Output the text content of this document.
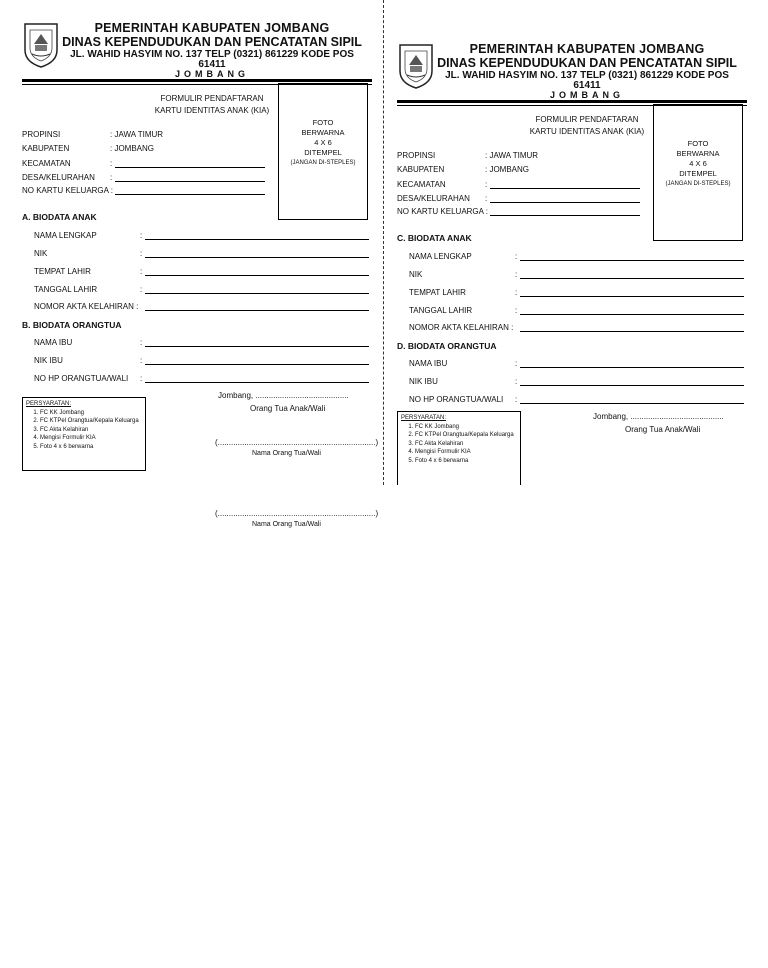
PEMERINTAH KABUPATEN JOMBANG
DINAS KEPENDUDUKAN DAN PENCATATAN SIPIL
JL. WAHID HASYIM NO. 137 TELP (0321) 861229 KODE POS
61411
JOMBANG
FORMULIR PENDAFTARAN
KARTU IDENTITAS ANAK (KIA)
FOTO
BERWARNA
4 X 6
DITEMPEL
(JANGAN DI-STEPLES)
PROPINSI	: JAWA TIMUR
KABUPATEN	: JOMBANG
KECAMATAN	:
DESA/KELURAHAN :
NO KARTU KELUARGA :
A. BIODATA ANAK
NAMA LENGKAP	:
NIK	:
TEMPAT LAHIR	:
TANGGAL LAHIR	:
NOMOR AKTA KELAHIRAN :
B. BIODATA ORANGTUA
NAMA IBU	:
NIK IBU	:
NO HP ORANGTUA/WALI :
PERSYARATAN:
1. FC KK Jombang
2. FC KTPel Orangtua/Kepala Keluarga
3. FC Akta Kelahiran
4. Mengisi Formulir KIA
5. Foto 4 x 6 berwarna
Jombang, ..........................................
Orang Tua Anak/Wali
(.......................................................................)
Nama Orang Tua/Wali
(.......................................................................)
Nama Orang Tua/Wali
PEMERINTAH KABUPATEN JOMBANG
DINAS KEPENDUDUKAN DAN PENCATATAN SIPIL
JL. WAHID HASYIM NO. 137 TELP (0321) 861229 KODE POS
61411
JOMBANG
FORMULIR PENDAFTARAN
KARTU IDENTITAS ANAK (KIA)
FOTO
BERWARNA
4 X 6
DITEMPEL
(JANGAN DI-STEPLES)
PROPINSI	: JAWA TIMUR
KABUPATEN	: JOMBANG
KECAMATAN	:
DESA/KELURAHAN :
NO KARTU KELUARGA :
C. BIODATA ANAK
NAMA LENGKAP	:
NIK	:
TEMPAT LAHIR	:
TANGGAL LAHIR	:
NOMOR AKTA KELAHIRAN :
D. BIODATA ORANGTUA
NAMA IBU	:
NIK IBU	:
NO HP ORANGTUA/WALI :
PERSYARATAN:
1. FC KK Jombang
2. FC KTPel Orangtua/Kepala Keluarga
3. FC Akta Kelahiran
4. Mengisi Formulir KIA
5. Foto 4 x 6 berwarna
Jombang, ..........................................
Orang Tua Anak/Wali
